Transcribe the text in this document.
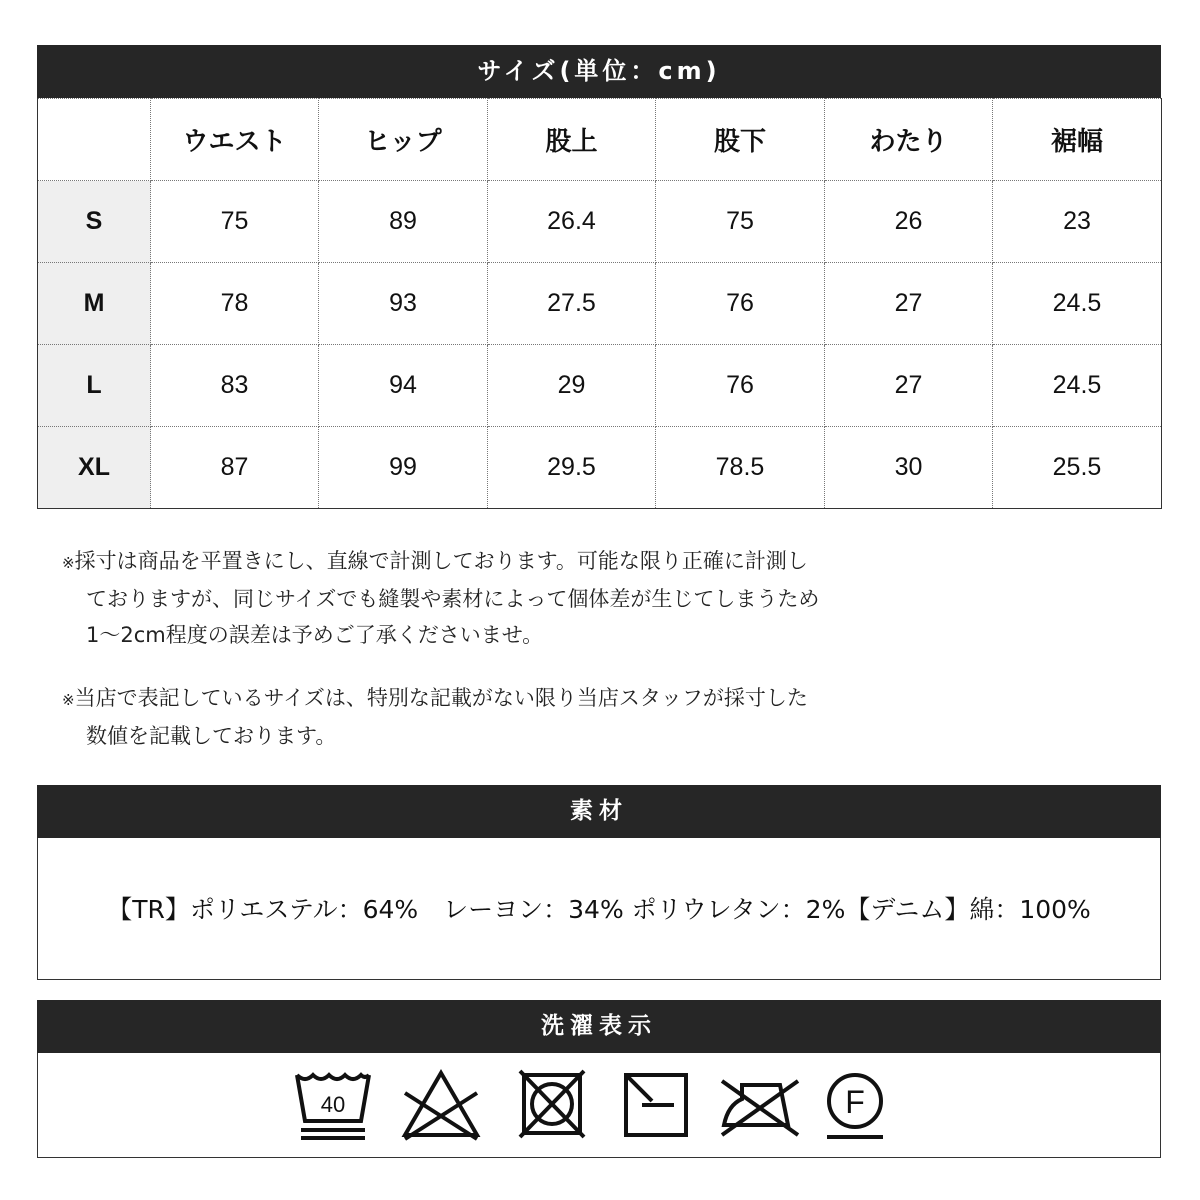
サイズ(単位：cm)
	ウエスト	ヒップ	股上	股下	わたり	裾幅
S	75	89	26.4	75	26	23
M	78	93	27.5	76	27	24.5
L	83	94	29	76	27	24.5
XL	87	99	29.5	78.5	30	25.5
※採寸は商品を平置きにし、直線で計測しております。可能な限り正確に計測し
ておりますが、同じサイズでも縫製や素材によって個体差が生じてしまうため
1〜2cm程度の誤差は予めご了承くださいませ。
※当店で表記しているサイズは、特別な記載がない限り当店スタッフが採寸した
数値を記載しております。
素材
【TR】ポリエステル：64%　レーヨン：34% ポリウレタン：2%【デニム】綿：100%
洗濯表示
40	F
